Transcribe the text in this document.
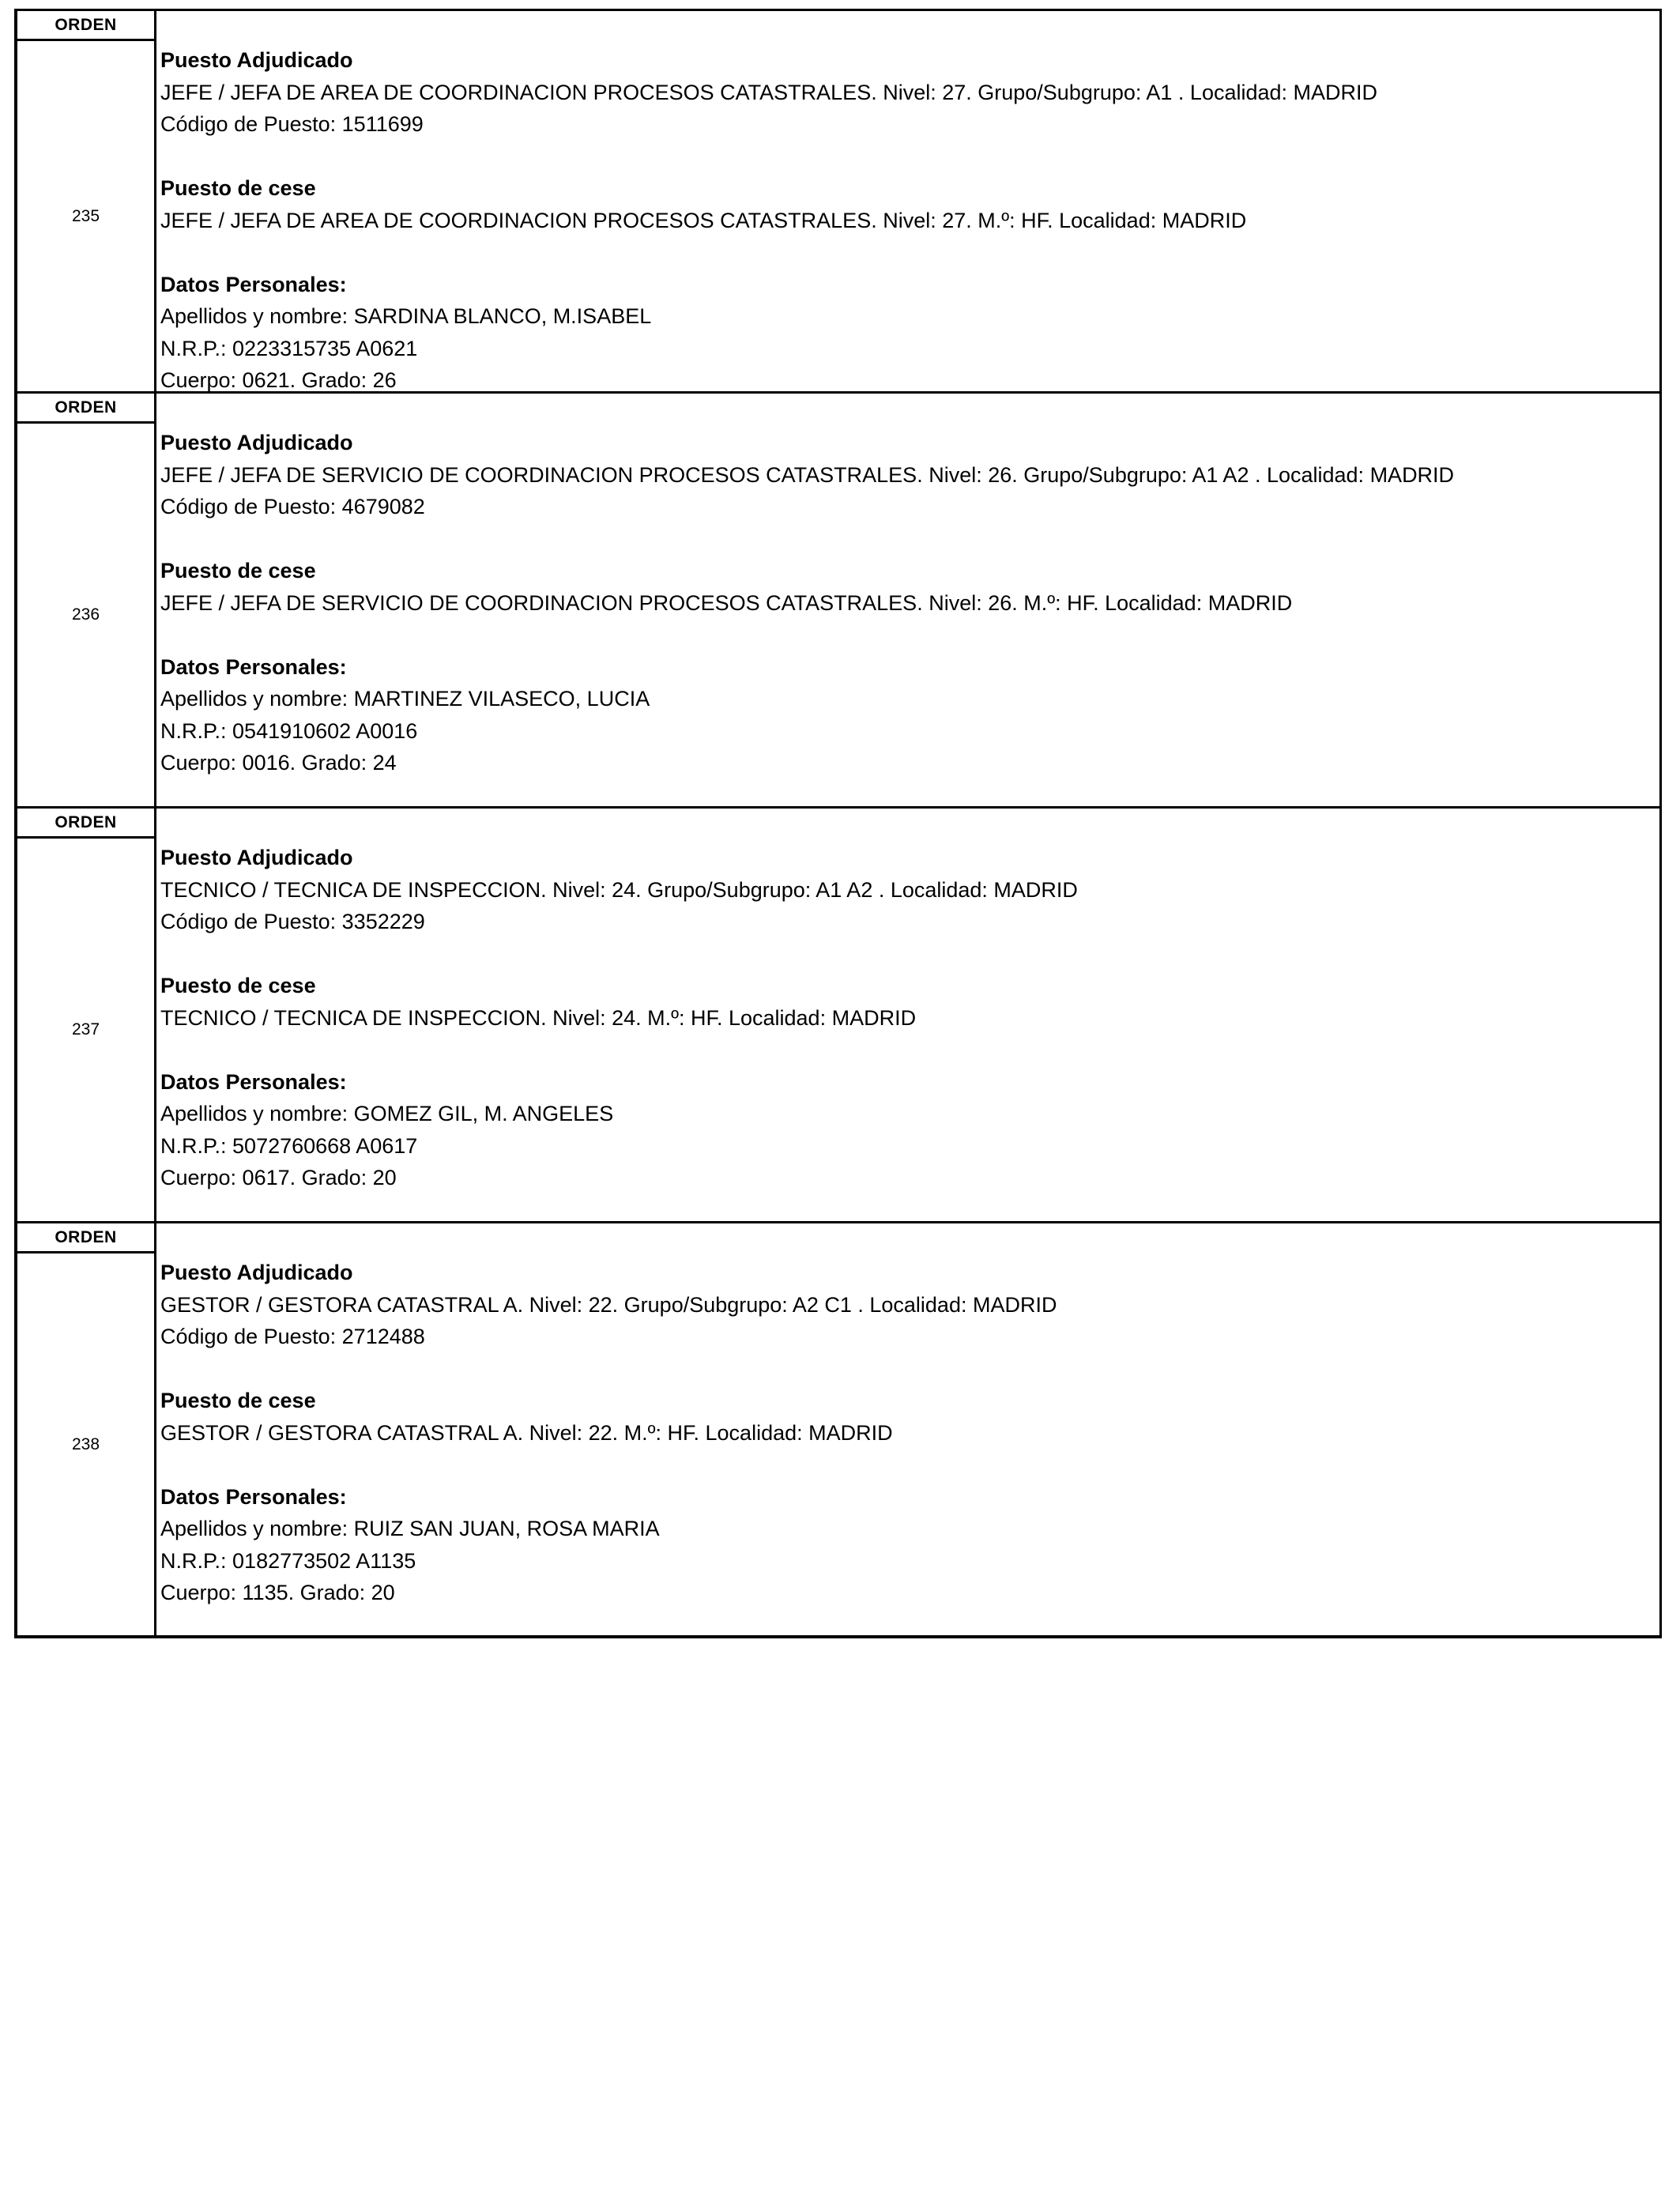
ORDEN
235
Puesto Adjudicado
JEFE / JEFA DE AREA DE COORDINACION PROCESOS CATASTRALES. Nivel: 27. Grupo/Subgrupo: A1 . Localidad: MADRID
Código de Puesto: 1511699
Puesto de cese
JEFE / JEFA DE AREA DE COORDINACION PROCESOS CATASTRALES. Nivel: 27. M.º: HF. Localidad: MADRID
Datos Personales:
Apellidos y nombre: SARDINA BLANCO, M.ISABEL
N.R.P.: 0223315735 A0621
Cuerpo: 0621. Grado: 26
ORDEN
236
Puesto Adjudicado
JEFE / JEFA DE SERVICIO DE COORDINACION PROCESOS CATASTRALES. Nivel: 26. Grupo/Subgrupo: A1 A2 . Localidad: MADRID
Código de Puesto: 4679082
Puesto de cese
JEFE / JEFA DE SERVICIO DE COORDINACION PROCESOS CATASTRALES. Nivel: 26. M.º: HF. Localidad: MADRID
Datos Personales:
Apellidos y nombre: MARTINEZ VILASECO, LUCIA
N.R.P.: 0541910602 A0016
Cuerpo: 0016. Grado: 24
ORDEN
237
Puesto Adjudicado
TECNICO / TECNICA DE INSPECCION. Nivel: 24. Grupo/Subgrupo: A1 A2 . Localidad: MADRID
Código de Puesto: 3352229
Puesto de cese
TECNICO / TECNICA DE INSPECCION. Nivel: 24. M.º: HF. Localidad: MADRID
Datos Personales:
Apellidos y nombre: GOMEZ GIL, M. ANGELES
N.R.P.: 5072760668 A0617
Cuerpo: 0617. Grado: 20
ORDEN
238
Puesto Adjudicado
GESTOR / GESTORA CATASTRAL A. Nivel: 22. Grupo/Subgrupo: A2 C1 . Localidad: MADRID
Código de Puesto: 2712488
Puesto de cese
GESTOR / GESTORA CATASTRAL A. Nivel: 22. M.º: HF. Localidad: MADRID
Datos Personales:
Apellidos y nombre: RUIZ SAN JUAN, ROSA MARIA
N.R.P.: 0182773502 A1135
Cuerpo: 1135. Grado: 20
